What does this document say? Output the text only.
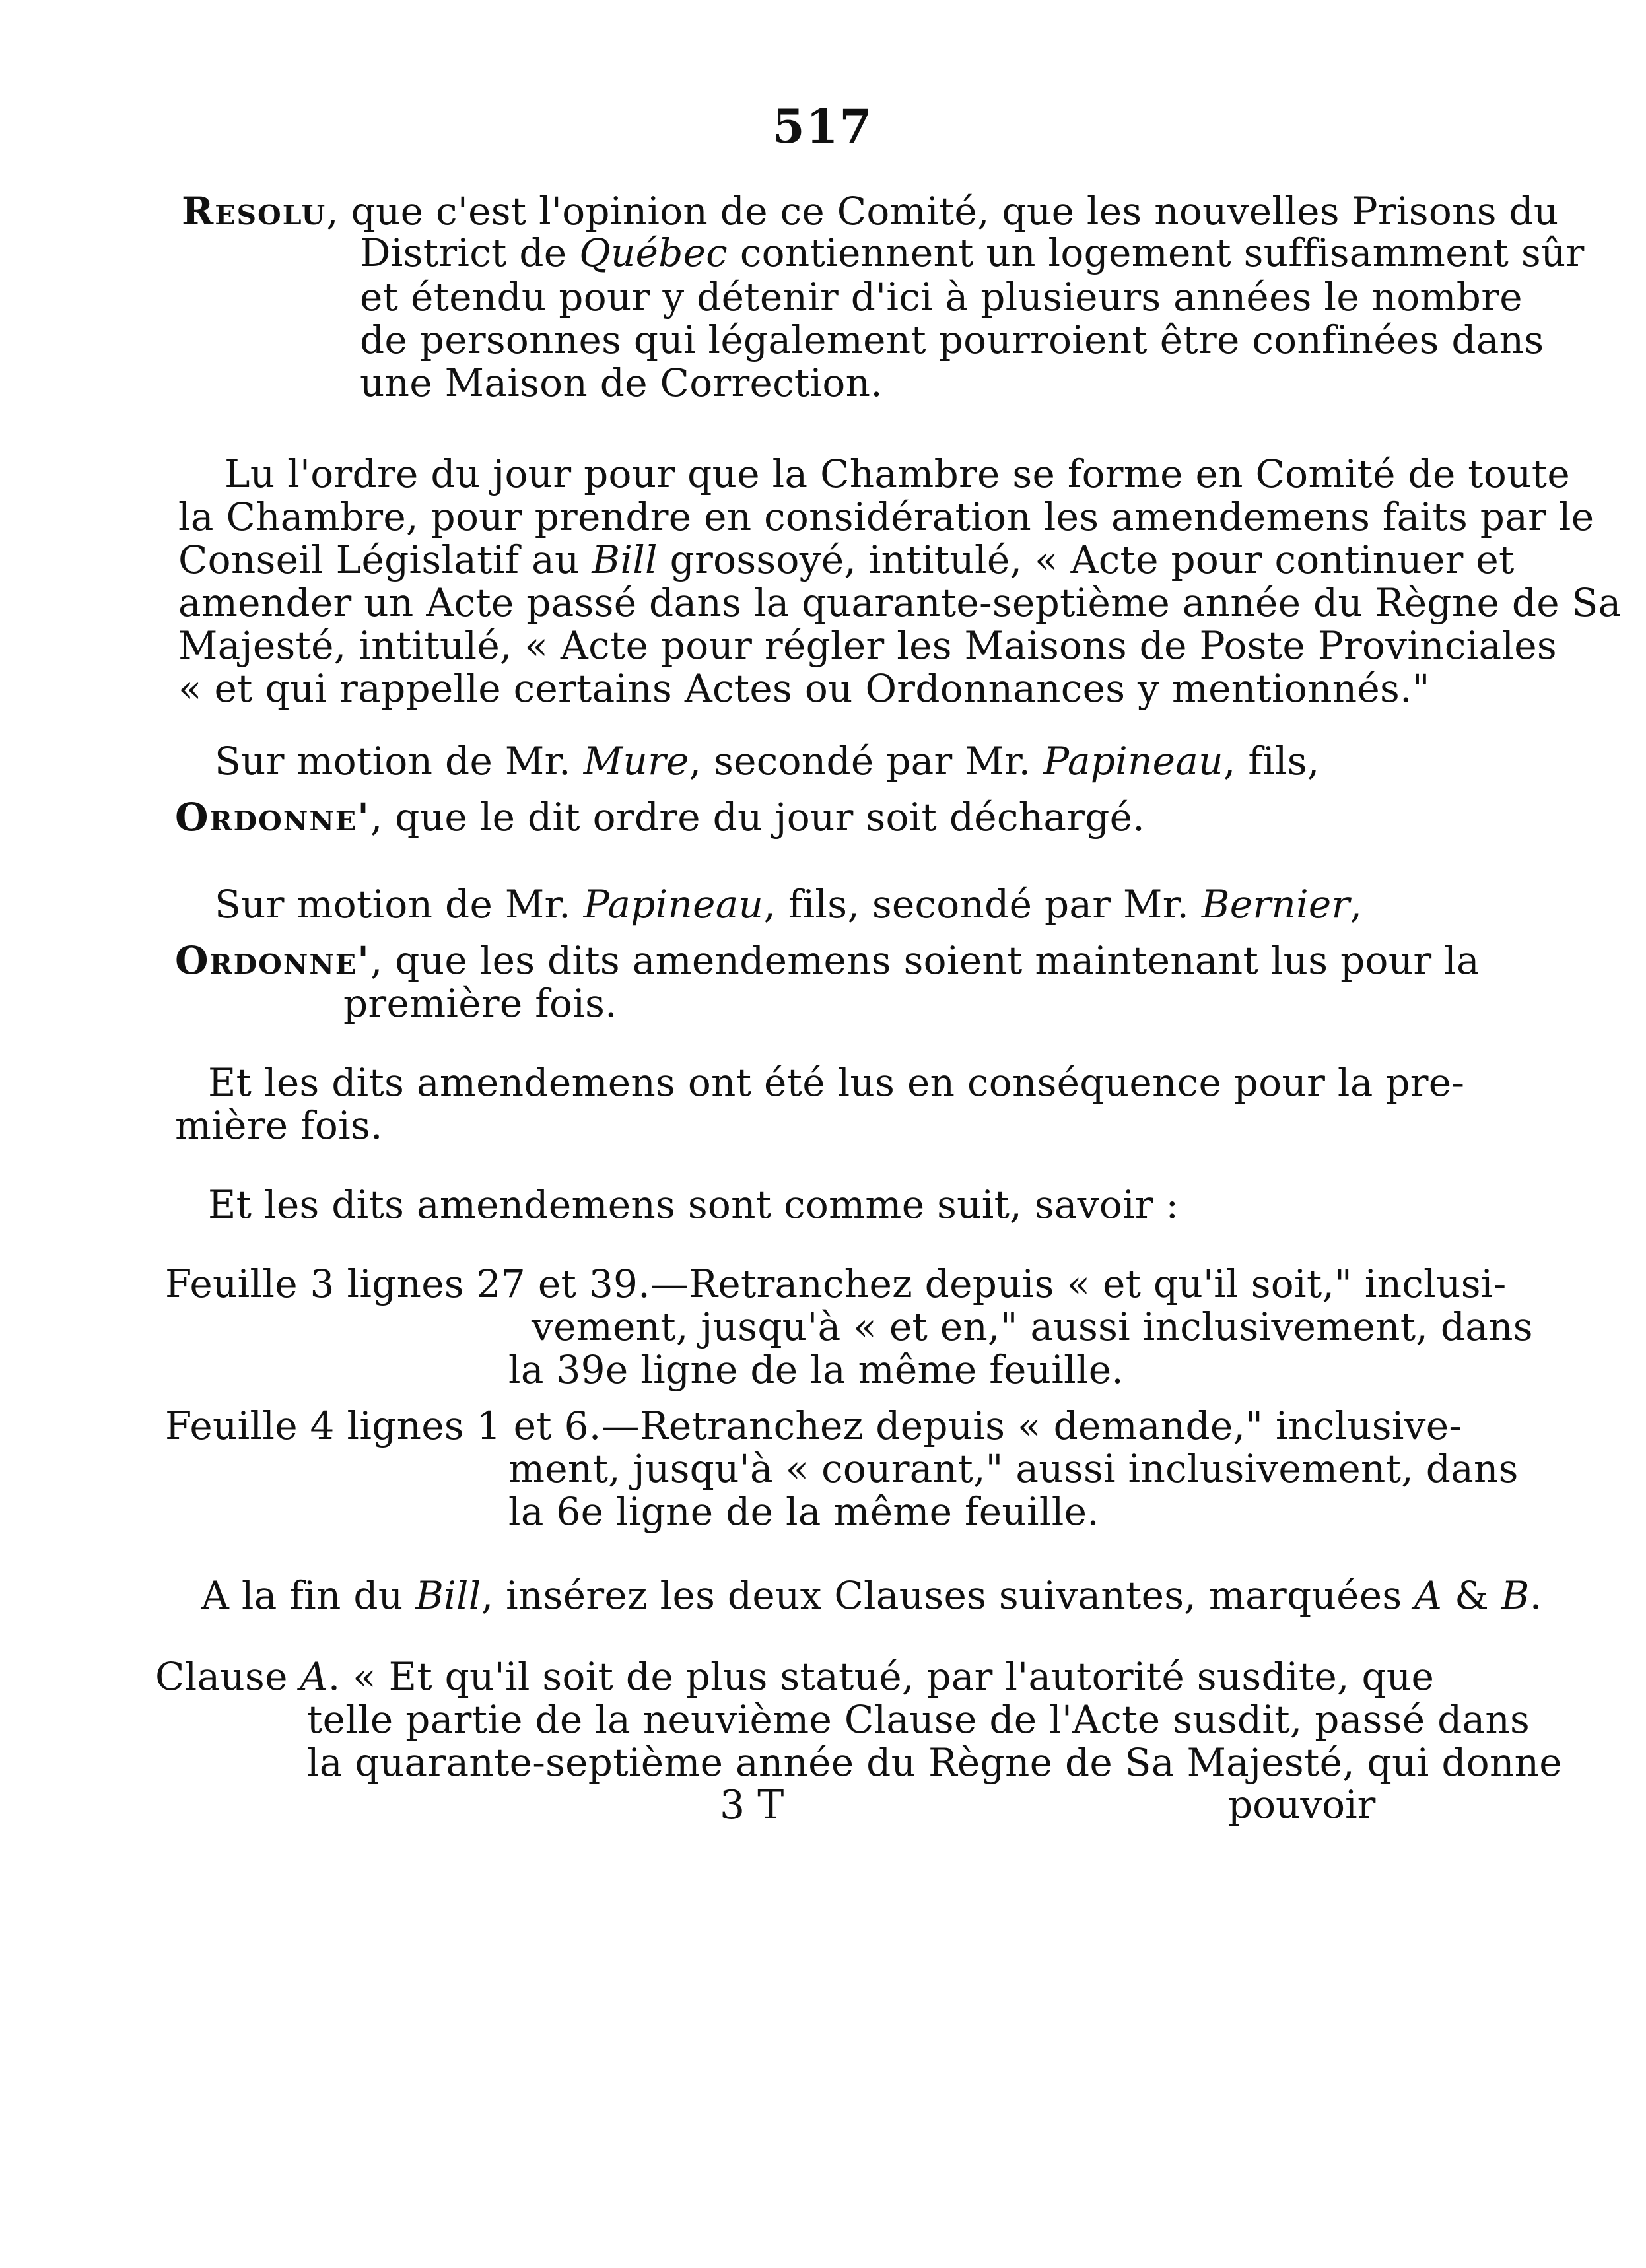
517
Resolu, que c'est l'opinion de ce Comité, que les nouvelles Prisons du
District de Québec contiennent un logement suffisamment sûr
et étendu pour y détenir d'ici à plusieurs années le nombre
de personnes qui légalement pourroient être confinées dans
une Maison de Correction.
Lu l'ordre du jour pour que la Chambre se forme en Comité de toute
la Chambre, pour prendre en considération les amendemens faits par le
Conseil Législatif au Bill grossoyé, intitulé, « Acte pour continuer et
amender un Acte passé dans la quarante-septième année du Règne de Sa
Majesté, intitulé, « Acte pour régler les Maisons de Poste Provinciales
« et qui rappelle certains Actes ou Ordonnances y mentionnés."
Sur motion de Mr. Mure, secondé par Mr. Papineau, fils,
Ordonne', que le dit ordre du jour soit déchargé.
Sur motion de Mr. Papineau, fils, secondé par Mr. Bernier,
Ordonne', que les dits amendemens soient maintenant lus pour la
première fois.
Et les dits amendemens ont été lus en conséquence pour la pre-
mière fois.
Et les dits amendemens sont comme suit, savoir :
Feuille 3 lignes 27 et 39.—Retranchez depuis « et qu'il soit," inclusi-
vement, jusqu'à « et en," aussi inclusivement, dans
la 39e ligne de la même feuille.
Feuille 4 lignes 1 et 6.—Retranchez depuis « demande," inclusive-
ment, jusqu'à « courant," aussi inclusivement, dans
la 6e ligne de la même feuille.
A la fin du Bill, insérez les deux Clauses suivantes, marquées A & B.
Clause A. « Et qu'il soit de plus statué, par l'autorité susdite, que
telle partie de la neuvième Clause de l'Acte susdit, passé dans
la quarante-septième année du Règne de Sa Majesté, qui donne
3 T	pouvoir
